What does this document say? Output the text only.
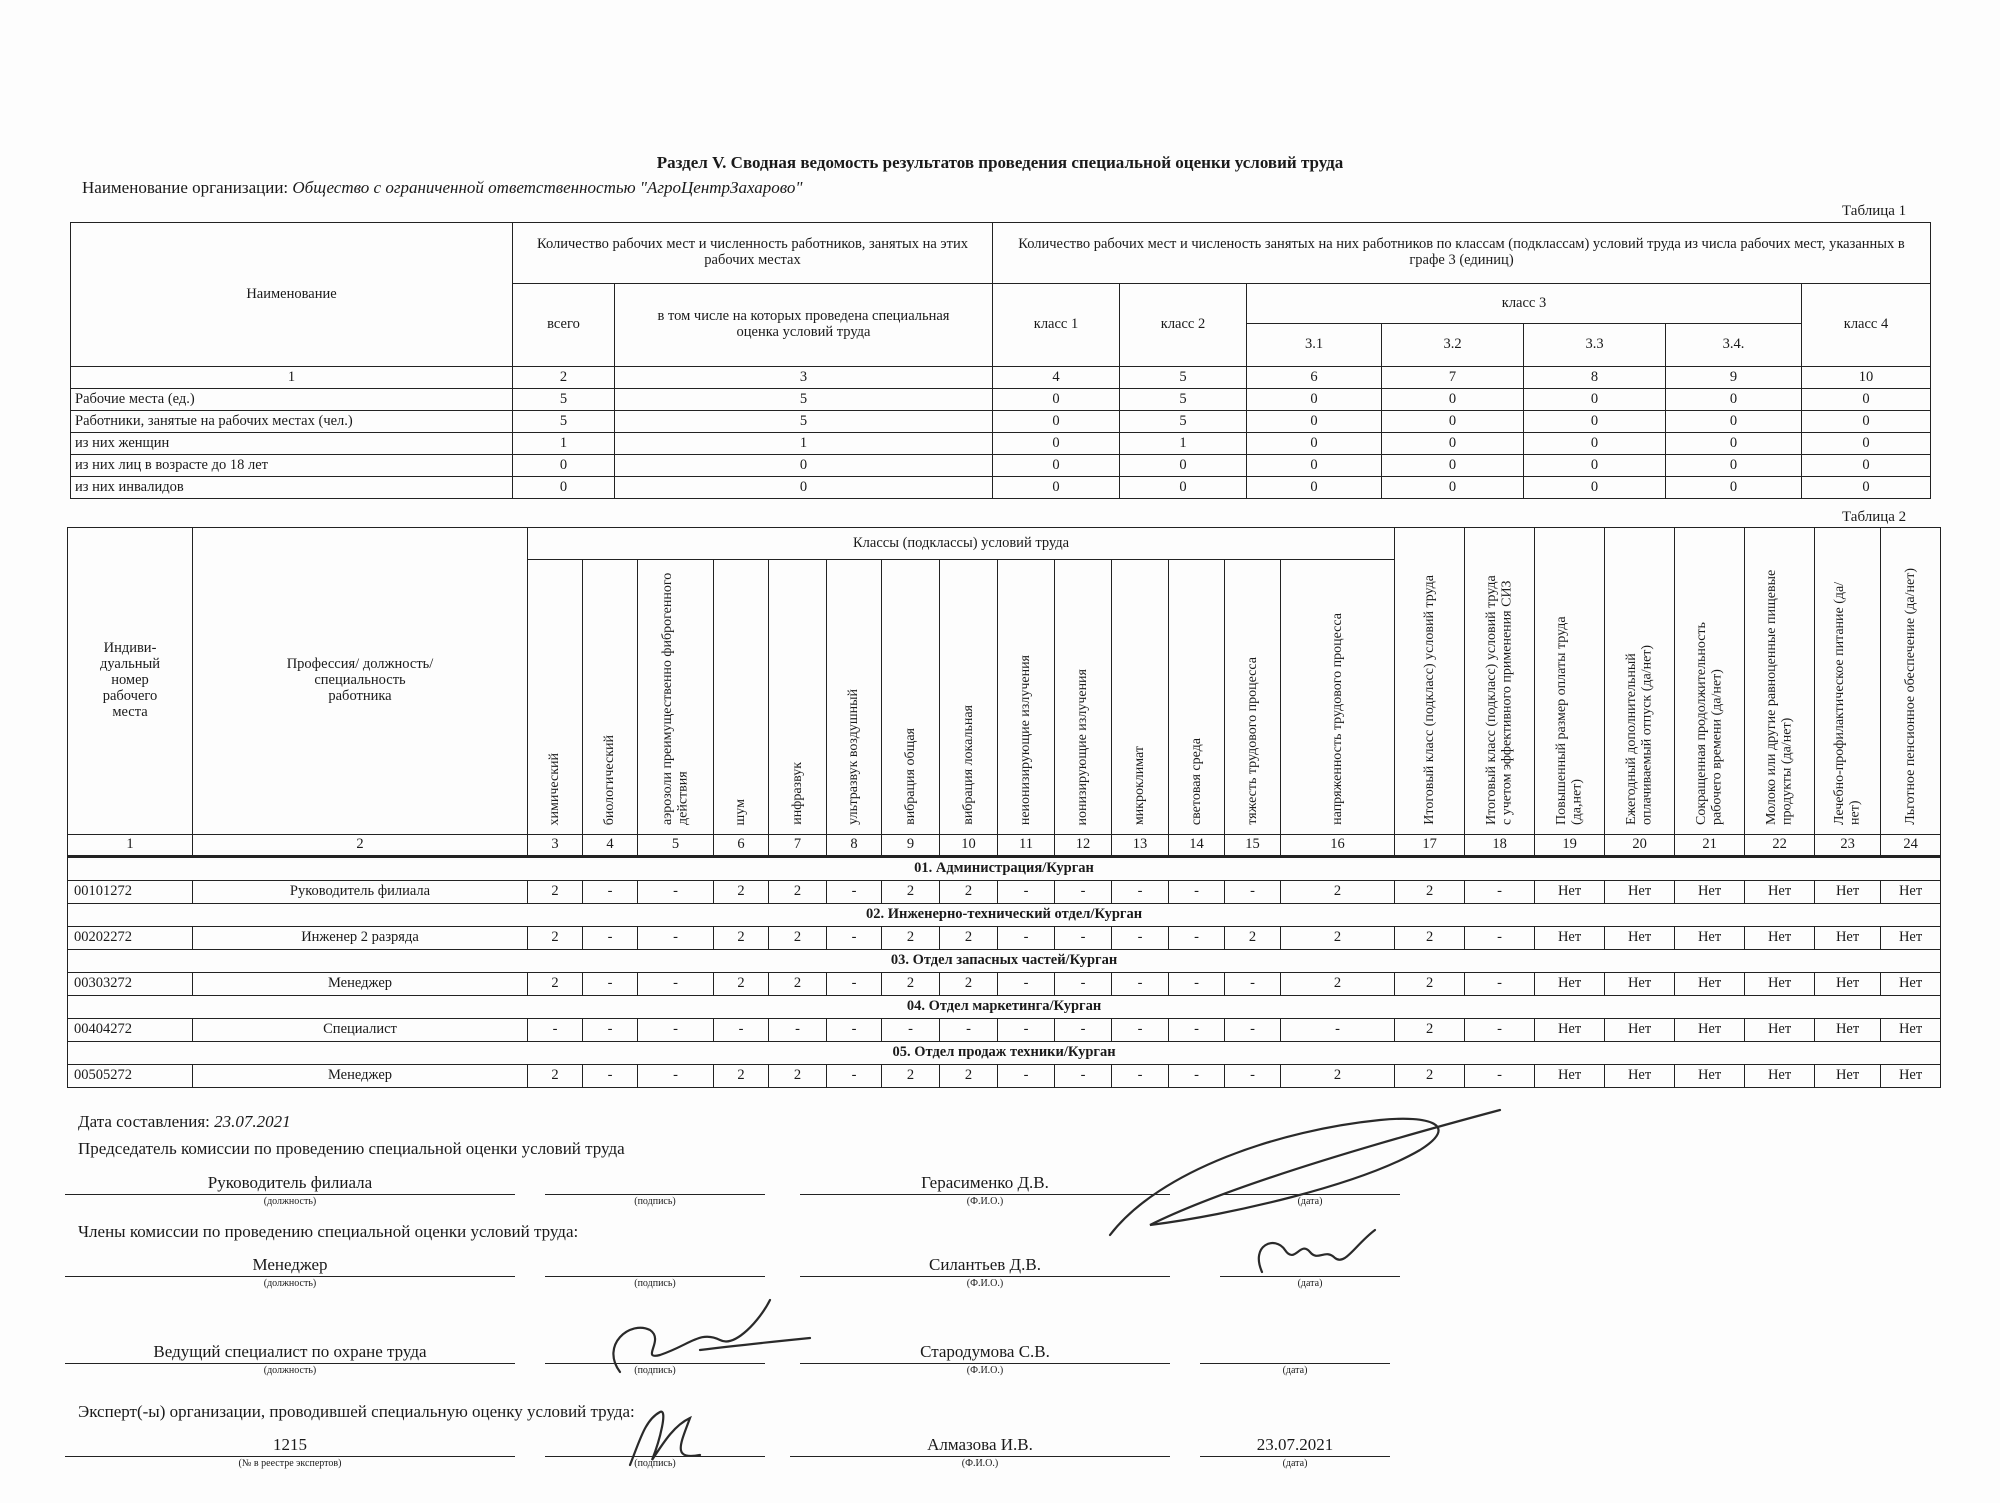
Раздел V. Сводная ведомость результатов проведения специальной оценки условий труда
Наименование организации: Общество с ограниченной ответственностью "АгроЦентрЗахарово"
Таблица 1
Наименование	Количество рабочих мест и численность работников, занятых на этих рабочих местах		Количество рабочих мест и численость занятых на них работников по классам (подклассам) условий труда из числа рабочих мест, указанных в графе 3 (единиц)						
	всего	в том числе на которых проведена специальная оценка условий труда	класс 1	класс 2	класс 3				класс 4
					3.1	3.2	3.3	3.4.	
1	2	3	4	5	6	7	8	9	10
Рабочие места (ед.)	5	5	0	5	0	0	0	0	0
Работники, занятые на рабочих местах (чел.)	5	5	0	5	0	0	0	0	0
из них женщин	1	1	0	1	0	0	0	0	0
из них лиц в возрасте до 18 лет	0	0	0	0	0	0	0	0	0
из них инвалидов	0	0	0	0	0	0	0	0	0
Таблица 2
Индиви-дуальный номер рабочего места	Профессия/ должность/ специальность работника	Классы (подклассы) условий труда														Итоговый класс (подкласс) условий труда	Итоговый класс (подкласс) условий труда с учетом эффективного применения СИЗ	Повышенный размер оплаты труда (да,нет)	Ежегодный дополнительный оплачиваемый отпуск (да/нет)	Сокращенная продолжительность рабочего времени (да/нет)	Молоко или другие равноценные пищевые продукты (да/нет)	Лечебно-профилактическое питание (да/нет)	Льготное пенсионное обеспечение (да/нет)
		химический	биологический	аэрозоли преимущественно фиброгенного действия	шум	инфразвук	ультразвук воздушный	вибрация общая	вибрация локальная	неионизирующие излучения	ионизирующие излучения	микроклимат	световая среда	тяжесть трудового процесса	напряженность трудового процесса								
1	2	3	4	5	6	7	8	9	10	11	12	13	14	15	16	17	18	19	20	21	22	23	24
01. Администрация/Курган																							
00101272	Руководитель филиала	2	-	-	2	2	-	2	2	-	-	-	-	-	2	2	-	Нет	Нет	Нет	Нет	Нет	Нет
02. Инженерно-технический отдел/Курган																							
00202272	Инженер 2 разряда	2	-	-	2	2	-	2	2	-	-	-	-	2	2	2	-	Нет	Нет	Нет	Нет	Нет	Нет
03. Отдел запасных частей/Курган																							
00303272	Менеджер	2	-	-	2	2	-	2	2	-	-	-	-	-	2	2	-	Нет	Нет	Нет	Нет	Нет	Нет
04. Отдел маркетинга/Курган																							
00404272	Специалист	-	-	-	-	-	-	-	-	-	-	-	-	-	-	2	-	Нет	Нет	Нет	Нет	Нет	Нет
05. Отдел продаж техники/Курган																							
00505272	Менеджер	2	-	-	2	2	-	2	2	-	-	-	-	-	2	2	-	Нет	Нет	Нет	Нет	Нет	Нет
Дата составления: 23.07.2021
Председатель комиссии по проведению специальной оценки условий труда
Руководитель филиала
(должность)	(подпись)
Герасименко Д.В.
(Ф.И.О.)	(дата)
Члены комиссии по проведению специальной оценки условий труда:
Менеджер
(должность)	(подпись)
Силантьев Д.В.
(Ф.И.О.)	(дата)
Ведущий специалист по охране труда
(должность)	(подпись)
Стародумова С.В.
(Ф.И.О.)	(дата)
Эксперт(-ы) организации, проводившей специальную оценку условий труда:
1215
(№ в реестре экспертов)	(подпись)
Алмазова И.В.
(Ф.И.О.)
23.07.2021
(дата)
